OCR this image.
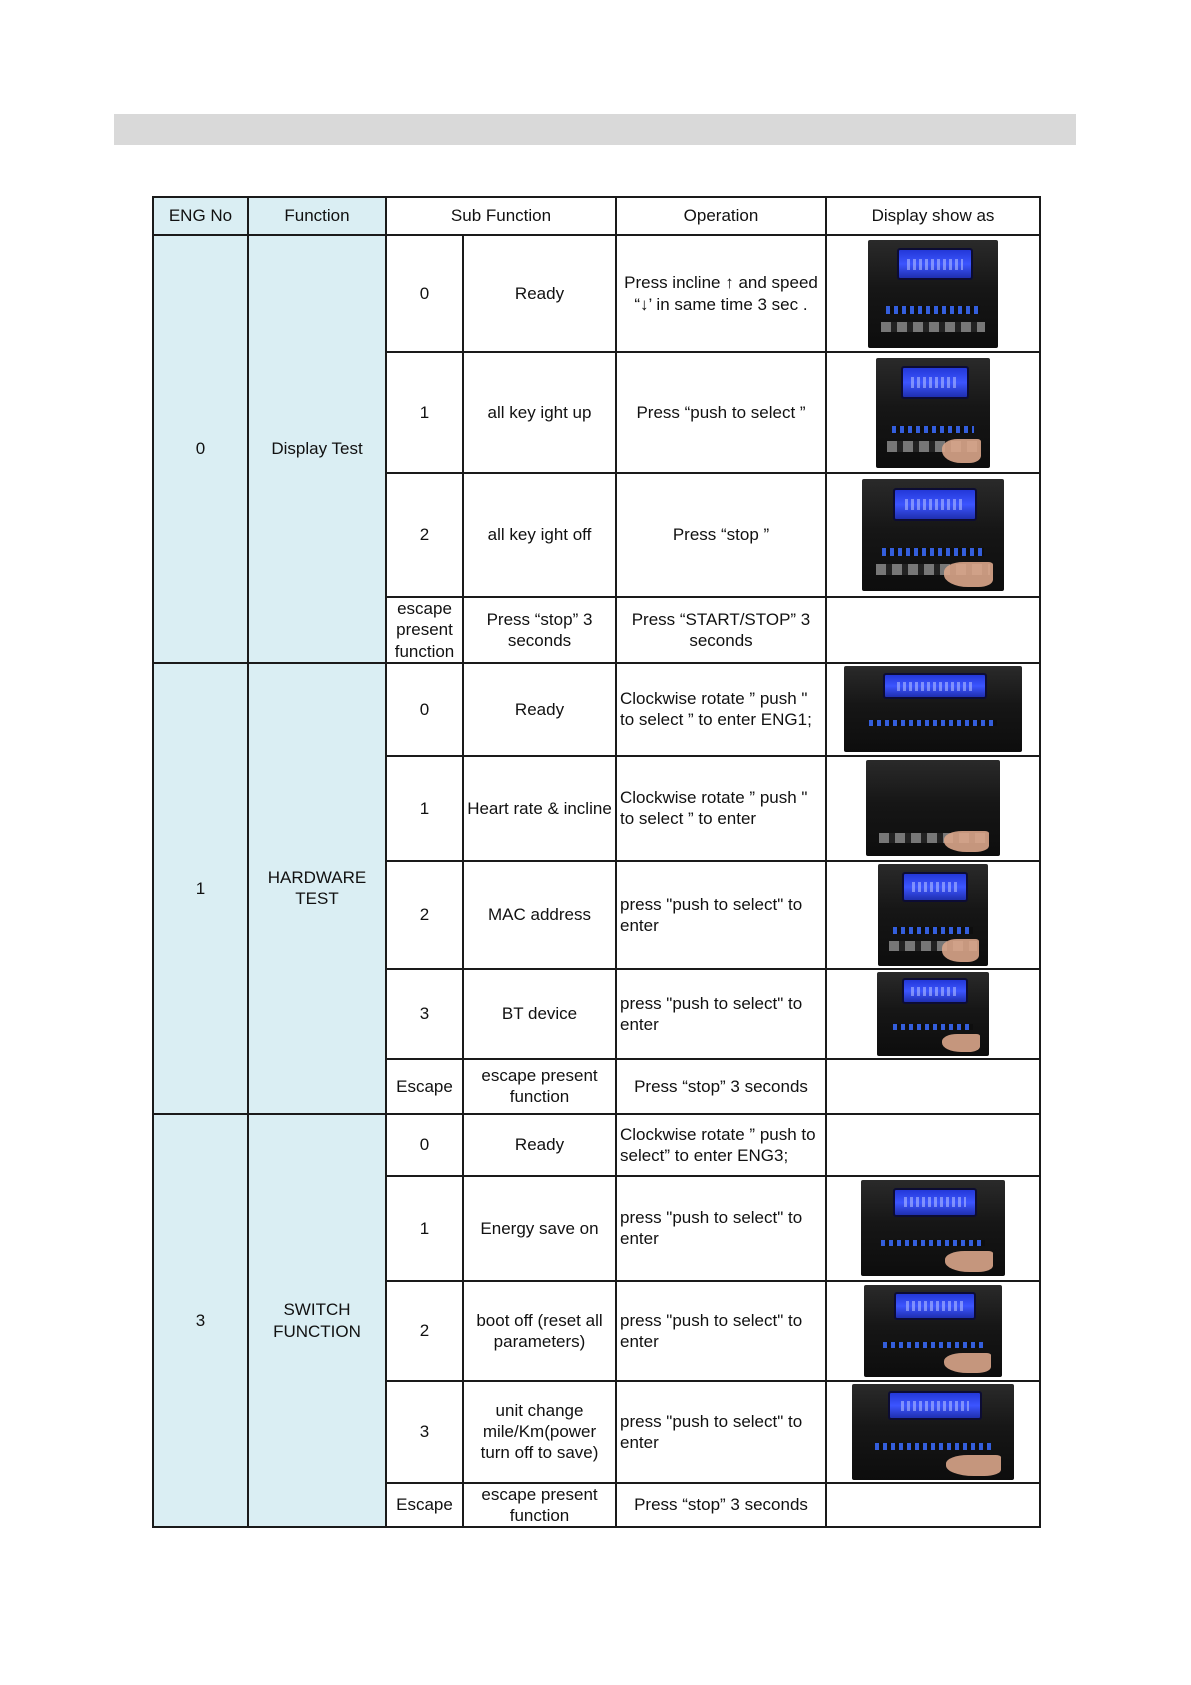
ENG No	Function	Sub Function		Operation	Display show as
0	Display Test	0	Ready	Press incline ↑ and speed “↓’ in same time 3 sec .	

		1	all key ight up	Press “push to select ”	

		2	all key ight off	Press “stop ”	

		escape present function	Press “stop” 3 seconds	Press “START/STOP” 3 seconds	
1	HARDWARE TEST	0	Ready	Clockwise rotate ” push " to select ” to enter ENG1;	

		1	Heart rate & incline	Clockwise rotate ” push " to select ” to enter	

		2	MAC address	press "push to select" to enter	

		3	BT device	press "push to select" to enter	

		Escape	escape present function	Press “stop” 3 seconds	
3	SWITCH FUNCTION	0	Ready	Clockwise rotate ” push to select” to enter ENG3;	
		1	Energy save on	press "push to select" to enter	

		2	boot off (reset all parameters)	press "push to select" to enter	

		3	unit change mile/Km(power turn off to save)	press "push to select" to enter	

		Escape	escape present function	Press “stop” 3 seconds	
